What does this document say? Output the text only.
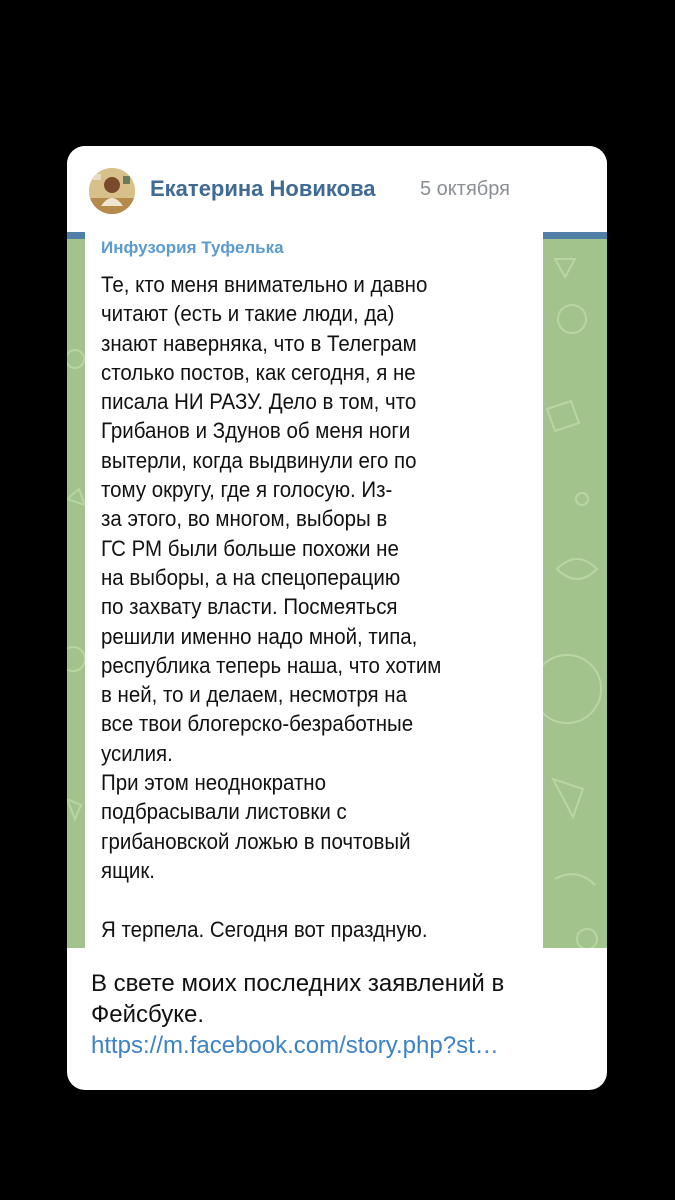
Екатерина Новикова 5 октября
Инфузория Туфелька
Те, кто меня внимательно и давно
читают (есть и такие люди, да)
знают наверняка, что в Телеграм
столько постов, как сегодня, я не
писала НИ РАЗУ. Дело в том, что
Грибанов и Здунов об меня ноги
вытерли, когда выдвинули его по
тому округу, где я голосую. Из-
за этого, во многом, выборы в
ГС РМ были больше похожи не
на выборы, а на спецоперацию
по захвату власти. Посмеяться
решили именно надо мной, типа,
республика теперь наша, что хотим
в ней, то и делаем, несмотря на
все твои блогерско-безработные
усилия.
При этом неоднократно
подбрасывали листовки с
грибановской ложью в почтовый
ящик.

Я терпела. Сегодня вот праздную.
В свете моих последних заявлений в Фейсбуке.
https://m.facebook.com/story.php?st…
